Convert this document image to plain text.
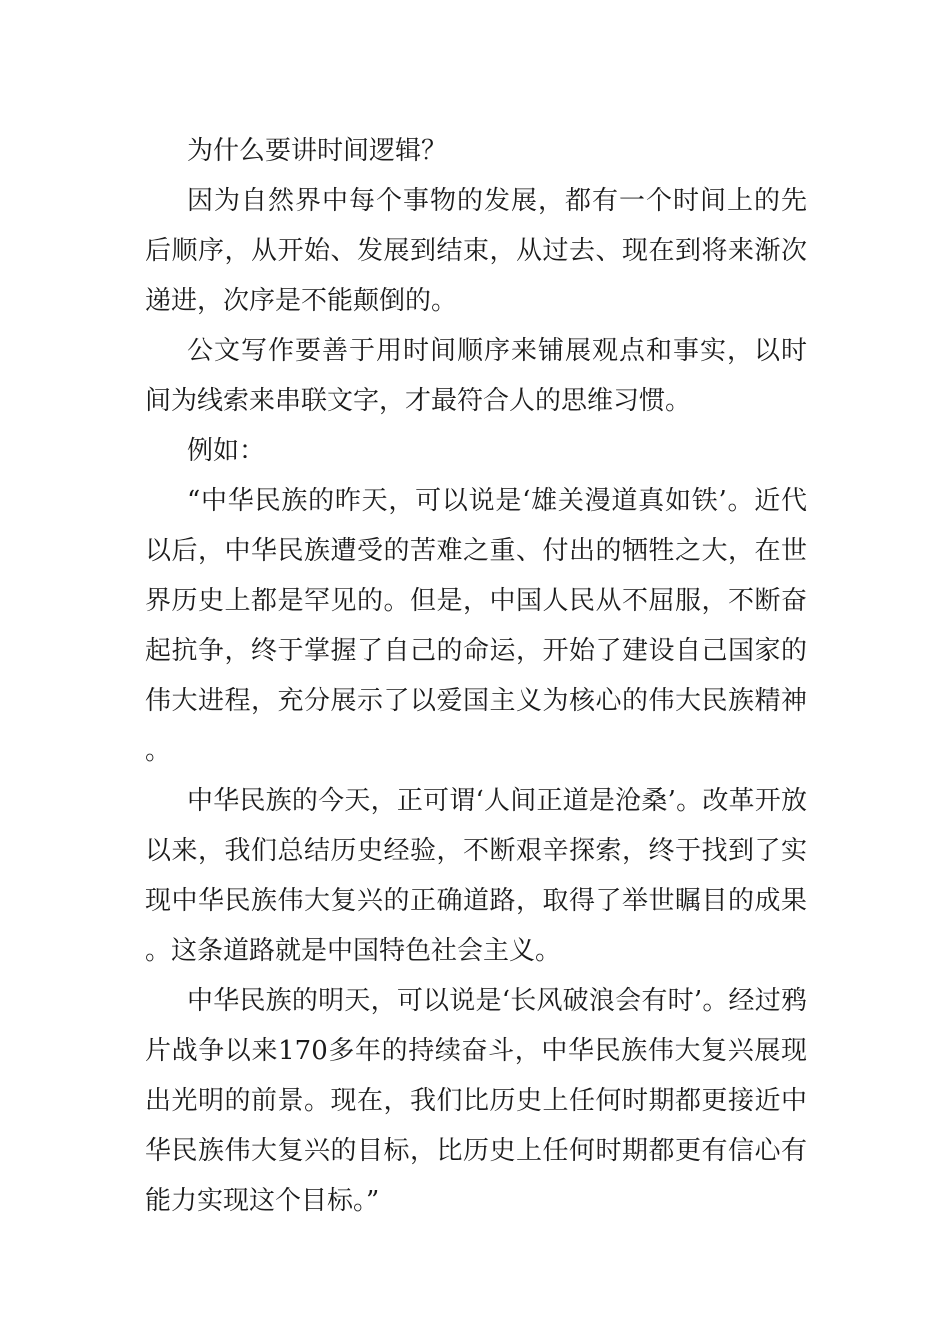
为什么要讲时间逻辑？

因为自然界中每个事物的发展，都有一个时间上的先后顺序，从开始、发展到结束，从过去、现在到将来渐次递进，次序是不能颠倒的。

公文写作要善于用时间顺序来铺展观点和事实，以时间为线索来串联文字，才最符合人的思维习惯。

例如：

“中华民族的昨天，可以说是‘雄关漫道真如铁’。近代以后，中华民族遭受的苦难之重、付出的牺牲之大，在世界历史上都是罕见的。但是，中国人民从不屈服，不断奋起抗争，终于掌握了自己的命运，开始了建设自己国家的伟大进程，充分展示了以爱国主义为核心的伟大民族精神。

中华民族的今天，正可谓‘人间正道是沧桑’。改革开放以来，我们总结历史经验，不断艰辛探索，终于找到了实现中华民族伟大复兴的正确道路，取得了举世瞩目的成果。这条道路就是中国特色社会主义。

中华民族的明天，可以说是‘长风破浪会有时’。经过鸦片战争以来170多年的持续奋斗，中华民族伟大复兴展现出光明的前景。现在，我们比历史上任何时期都更接近中华民族伟大复兴的目标，比历史上任何时期都更有信心有能力实现这个目标。”
